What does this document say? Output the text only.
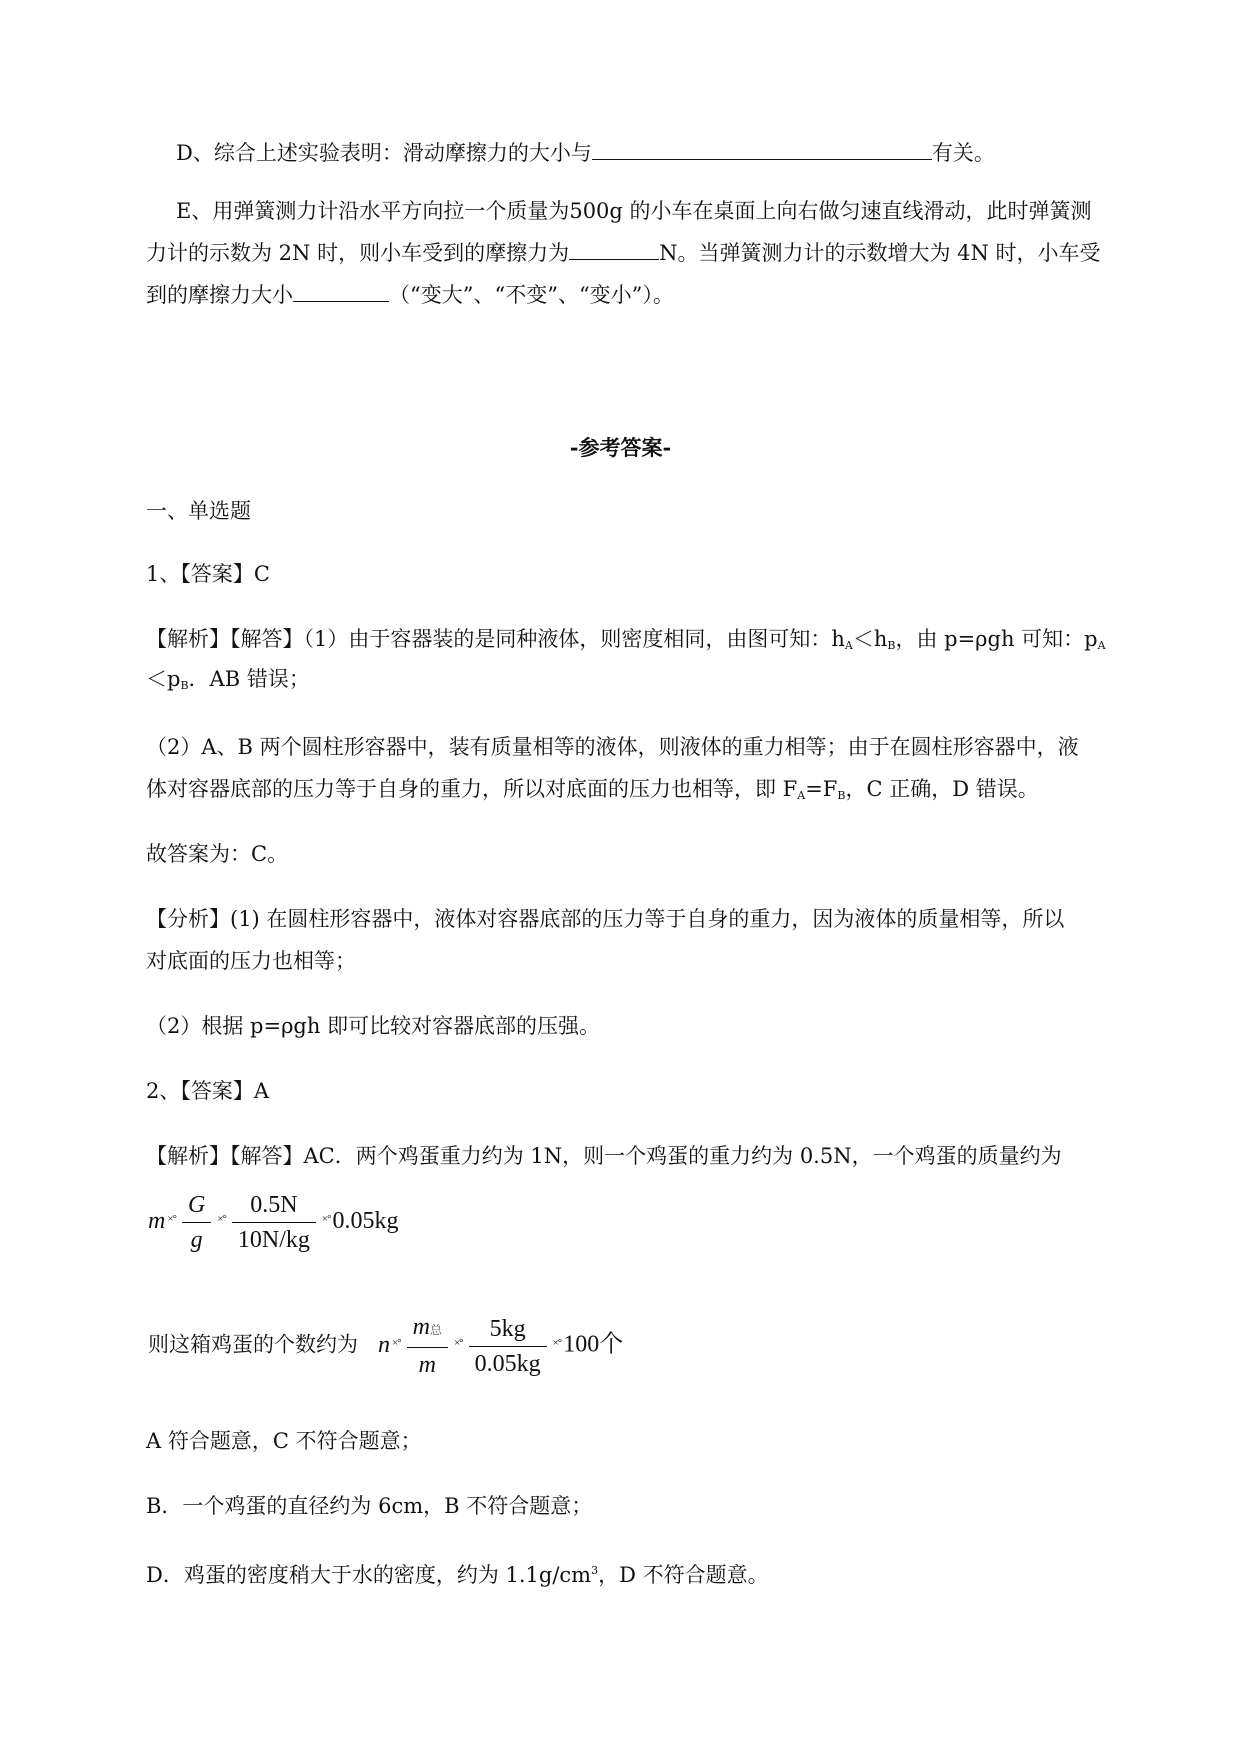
D、综合上述实验表明：滑动摩擦力的大小与	有关。

E、用弹簧测力计沿水平方向拉一个质量为500g 的小车在桌面上向右做匀速直线滑动，此时弹簧测

力计的示数为 2N 时，则小车受到的摩擦力为	N。当弹簧测力计的示数增大为 4N 时，小车受

到的摩擦力大小	（“变大”、“不变”、“变小”）。

-参考答案-

一、单选题

1、【答案】C

【解析】【解答】（1）由于容器装的是同种液体，则密度相同，由图可知：$h_A<h_B$，由 p=ρgh 可知：$p_A$

$<p_B$．AB 错误；

（2）A、B 两个圆柱形容器中，装有质量相等的液体，则液体的重力相等；由于在圆柱形容器中，液

体对容器底部的压力等于自身的重力，所以对底面的压力也相等，即 $F_A=F_B$，C 正确，D 错误。

故答案为：C。

【分析】(1) 在圆柱形容器中，液体对容器底部的压力等于自身的重力，因为液体的质量相等，所以

对底面的压力也相等；

（2）根据 p=ρgh 即可比较对容器底部的压强。

2、【答案】A

【解析】【解答】AC．两个鸡蛋重力约为 1N，则一个鸡蛋的重力约为 0.5N，一个鸡蛋的质量约为

m $^{\times^\circ} \frac{G}{g} ^{\times^\circ} \frac{0.5N}{10N/kg} ^{\times^\circ}0.05kg$
则这箱鸡蛋的个数约为 n $^{\times^\circ} \frac{\text{m总}}{m} ^{\times^\circ} \frac{5kg}{0.05kg} ^{\times^\circ}100$个

A 符合题意，C 不符合题意；

B．一个鸡蛋的直径约为 6cm，B 不符合题意；

D．鸡蛋的密度稍大于水的密度，约为 $1.1g/cm^3$，D 不符合题意。
